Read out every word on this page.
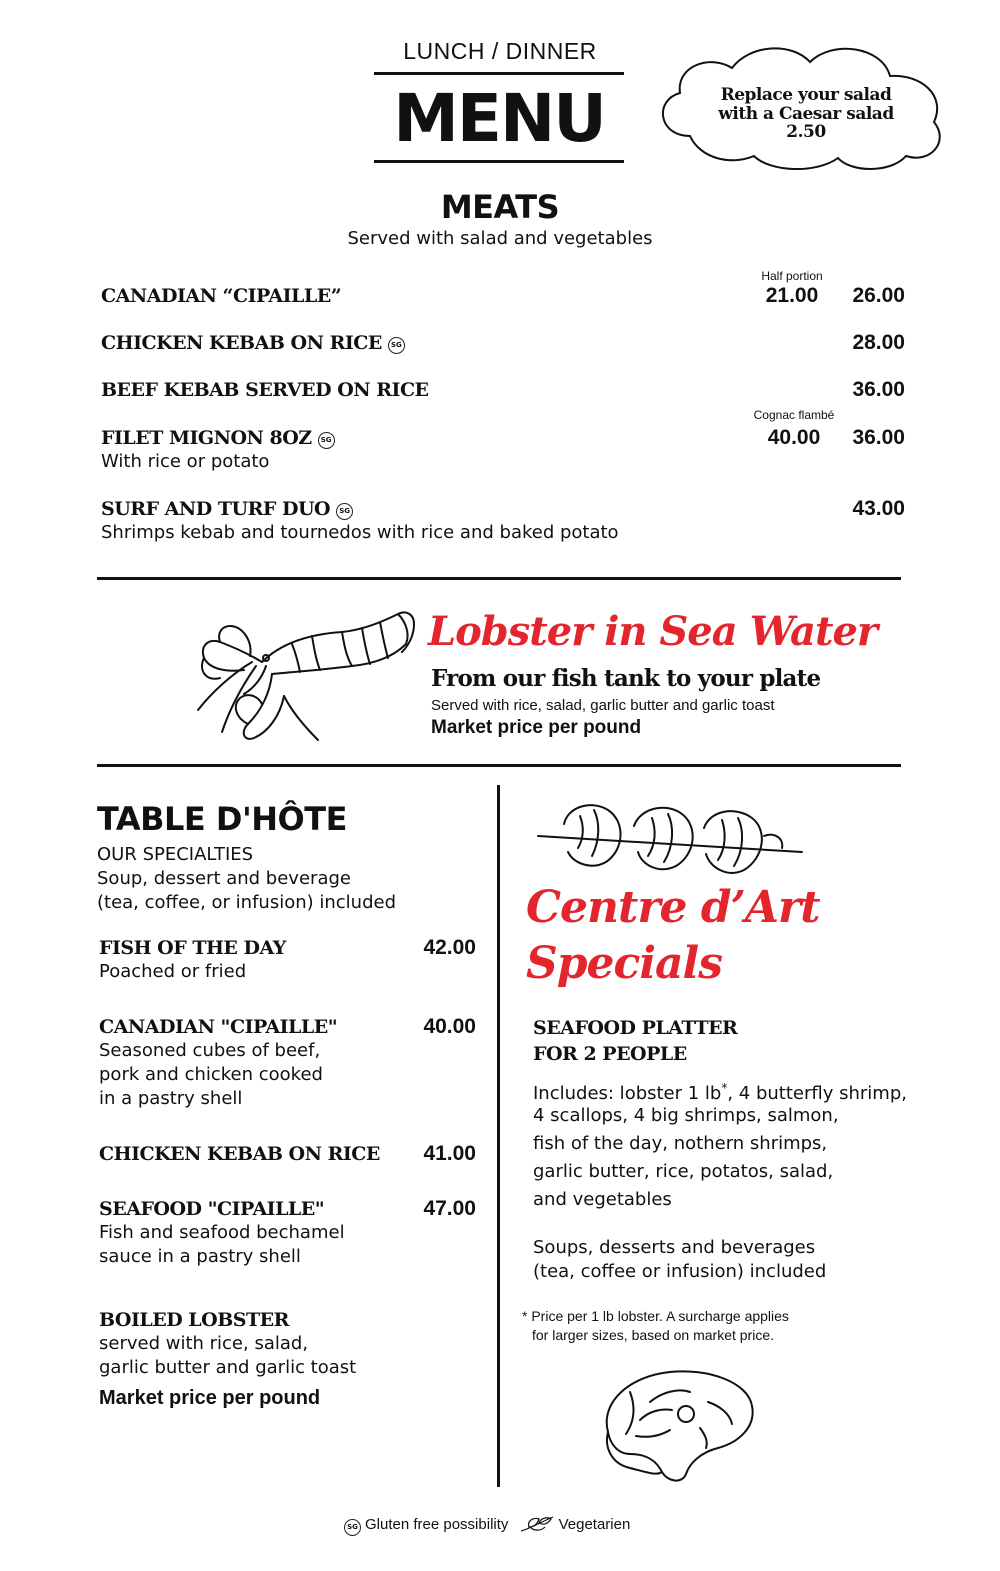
LUNCH / DINNER
MENU	Replace your salad
with a Caesar salad
2.50
MEATS
Served with salad and vegetables
Half portion
CANADIAN “CIPAILLE”	21.00	26.00
CHICKEN KEBAB ON RICE SG	28.00
BEEF KEBAB SERVED ON RICE	36.00
Cognac flambé
FILET MIGNON 8OZ SG	40.00	36.00
With rice or potato
SURF AND TURF DUO SG	43.00
Shrimps kebab and tournedos with rice and baked potato
Lobster in Sea Water
From our fish tank to your plate
Served with rice, salad, garlic butter and garlic toast
Market price per pound
TABLE D'HÔTE
OUR SPECIALTIES
Soup, dessert and beverage
(tea, coffee, or infusion) included
FISH OF THE DAY	42.00
Poached or fried
CANADIAN "CIPAILLE"	40.00
Seasoned cubes of beef,
pork and chicken cooked
in a pastry shell
CHICKEN KEBAB ON RICE	41.00
SEAFOOD "CIPAILLE"	47.00
Fish and seafood bechamel
sauce in a pastry shell
BOILED LOBSTER
served with rice, salad,
garlic butter and garlic toast
Market price per pound
Centre d’Art
Specials
SEAFOOD PLATTER
FOR 2 PEOPLE
Includes: lobster 1 lb*, 4 butterfly shrimp,
4 scallops, 4 big shrimps, salmon,
fish of the day, nothern shrimps,
garlic butter, rice, potatos, salad,
and vegetables
Soups, desserts and beverages
(tea, coffee or infusion) included
* Price per 1 lb lobster. A surcharge applies
for larger sizes, based on market price.
SG Gluten free possibility	Vegetarien
